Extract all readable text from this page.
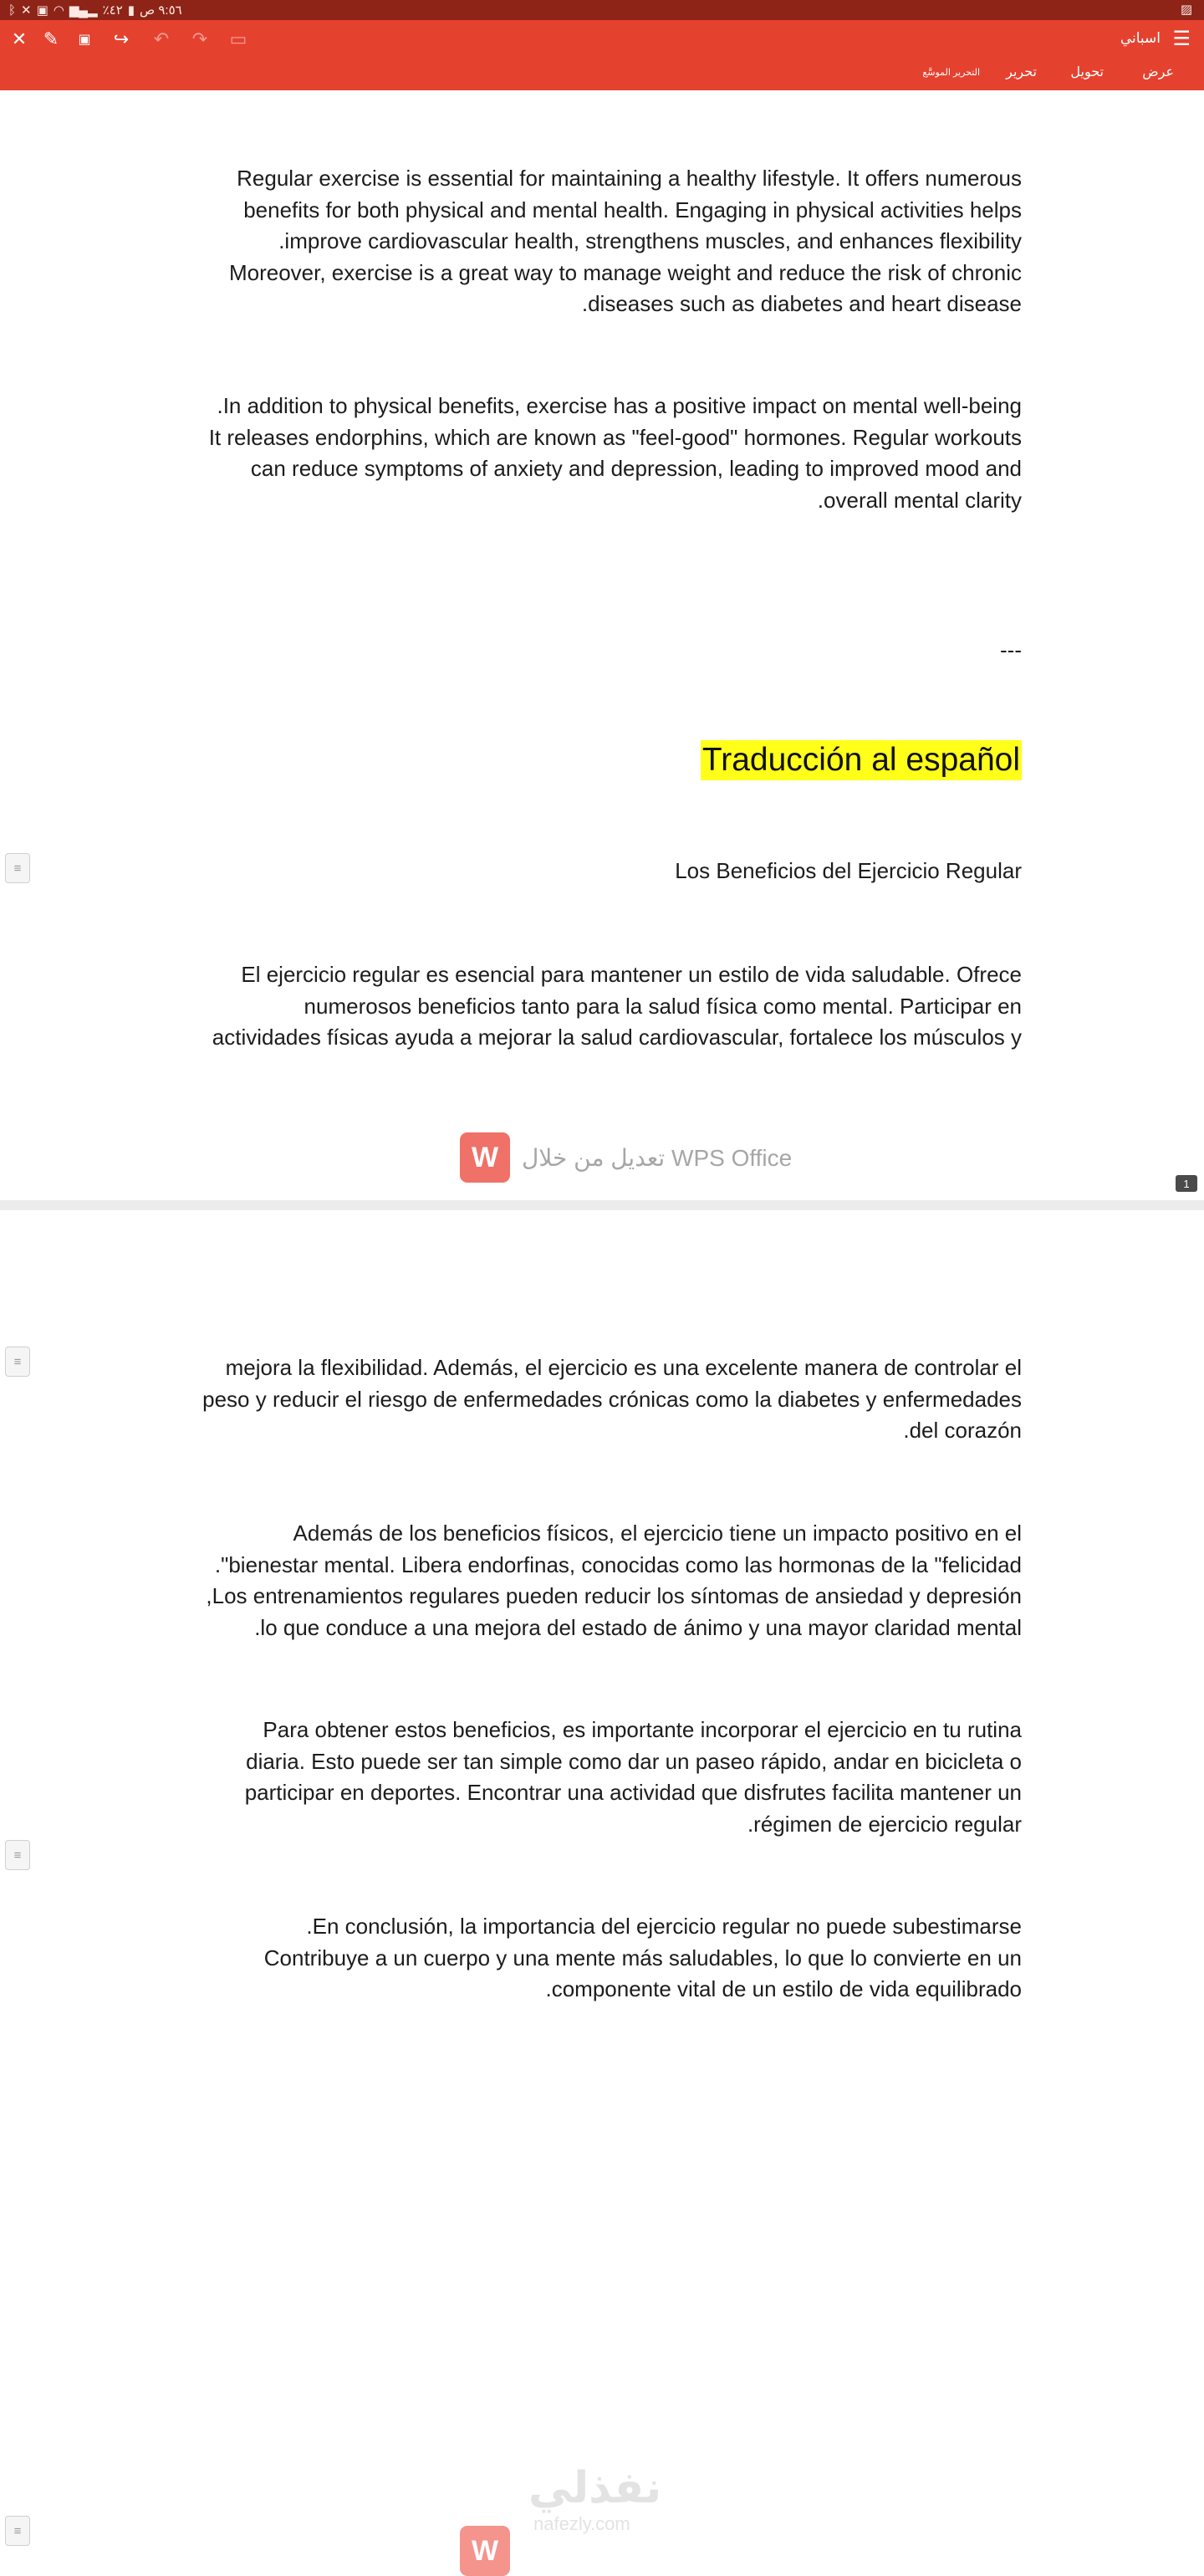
٩:٥٦ ص
▮
٤٢٪
▂▄▆
◠
▣
✕
ᛒ	▨
✕ ✎	▣	↪ ↶ ↷ ▭	☰
اسباني
عرض
تحويل
تحرير
التحرير الموسَّع
Regular exercise is essential for maintaining a healthy lifestyle. It offers numerous
benefits for both physical and mental health. Engaging in physical activities helps
.improve cardiovascular health, strengthens muscles, and enhances flexibility
Moreover, exercise is a great way to manage weight and reduce the risk of chronic
.diseases such as diabetes and heart disease
.In addition to physical benefits, exercise has a positive impact on mental well-being
It releases endorphins, which are known as "feel-good" hormones. Regular workouts
can reduce symptoms of anxiety and depression, leading to improved mood and
.overall mental clarity
---
Traducción al español
≡	Los Beneficios del Ejercicio Regular
El ejercicio regular es esencial para mantener un estilo de vida saludable. Ofrece
numerosos beneficios tanto para la salud física como mental. Participar en
actividades físicas ayuda a mejorar la salud cardiovascular, fortalece los músculos y
W تعديل من خلال WPS Office
1
≡	mejora la flexibilidad. Además, el ejercicio es una excelente manera de controlar el
peso y reducir el riesgo de enfermedades crónicas como la diabetes y enfermedades
.del corazón
Además de los beneficios físicos, el ejercicio tiene un impacto positivo en el
."bienestar mental. Libera endorfinas, conocidas como las hormonas de la "felicidad
,Los entrenamientos regulares pueden reducir los síntomas de ansiedad y depresión
.lo que conduce a una mejora del estado de ánimo y una mayor claridad mental
Para obtener estos beneficios, es importante incorporar el ejercicio en tu rutina
diaria. Esto puede ser tan simple como dar un paseo rápido, andar en bicicleta o
participar en deportes. Encontrar una actividad que disfrutes facilita mantener un
.régimen de ejercicio regular
≡
.En conclusión, la importancia del ejercicio regular no puede subestimarse
Contribuye a un cuerpo y una mente más saludables, lo que lo convierte en un
.componente vital de un estilo de vida equilibrado
نفذلي
nafezly.com
W
≡
